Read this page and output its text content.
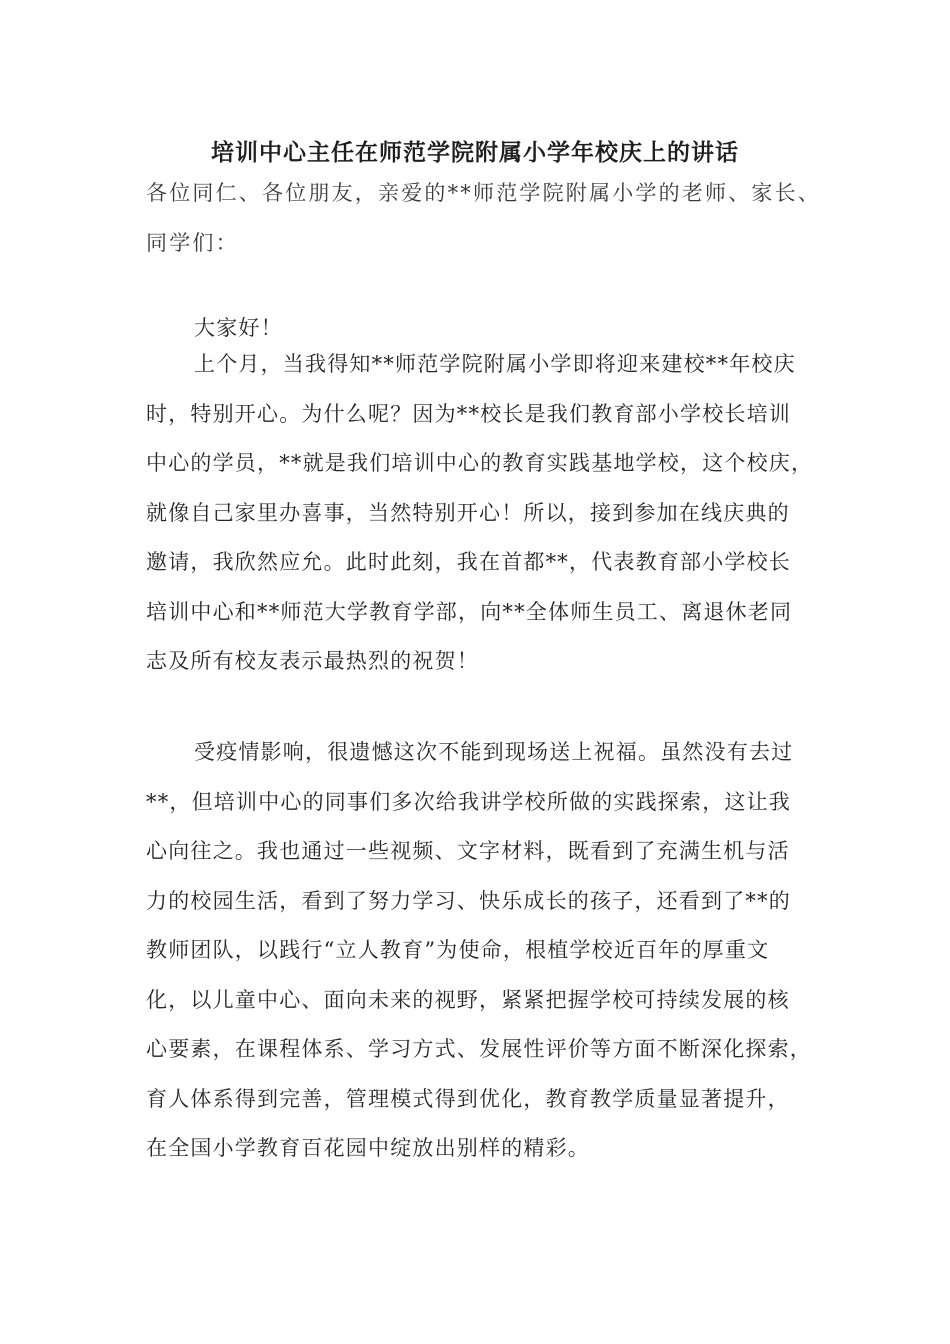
培训中心主任在师范学院附属小学年校庆上的讲话
各位同仁、各位朋友，亲爱的**师范学院附属小学的老师、家长、
同学们：
大家好！
上个月，当我得知**师范学院附属小学即将迎来建校**年校庆
时，特别开心。为什么呢？因为**校长是我们教育部小学校长培训
中心的学员，**就是我们培训中心的教育实践基地学校，这个校庆，
就像自己家里办喜事，当然特别开心！所以，接到参加在线庆典的
邀请，我欣然应允。此时此刻，我在首都**，代表教育部小学校长
培训中心和**师范大学教育学部，向**全体师生员工、离退休老同
志及所有校友表示最热烈的祝贺！
受疫情影响，很遗憾这次不能到现场送上祝福。虽然没有去过
**，但培训中心的同事们多次给我讲学校所做的实践探索，这让我
心向往之。我也通过一些视频、文字材料，既看到了充满生机与活
力的校园生活，看到了努力学习、快乐成长的孩子，还看到了**的
教师团队，以践行“立人教育”为使命，根植学校近百年的厚重文
化，以儿童中心、面向未来的视野，紧紧把握学校可持续发展的核
心要素，在课程体系、学习方式、发展性评价等方面不断深化探索，
育人体系得到完善，管理模式得到优化，教育教学质量显著提升，
在全国小学教育百花园中绽放出别样的精彩。
